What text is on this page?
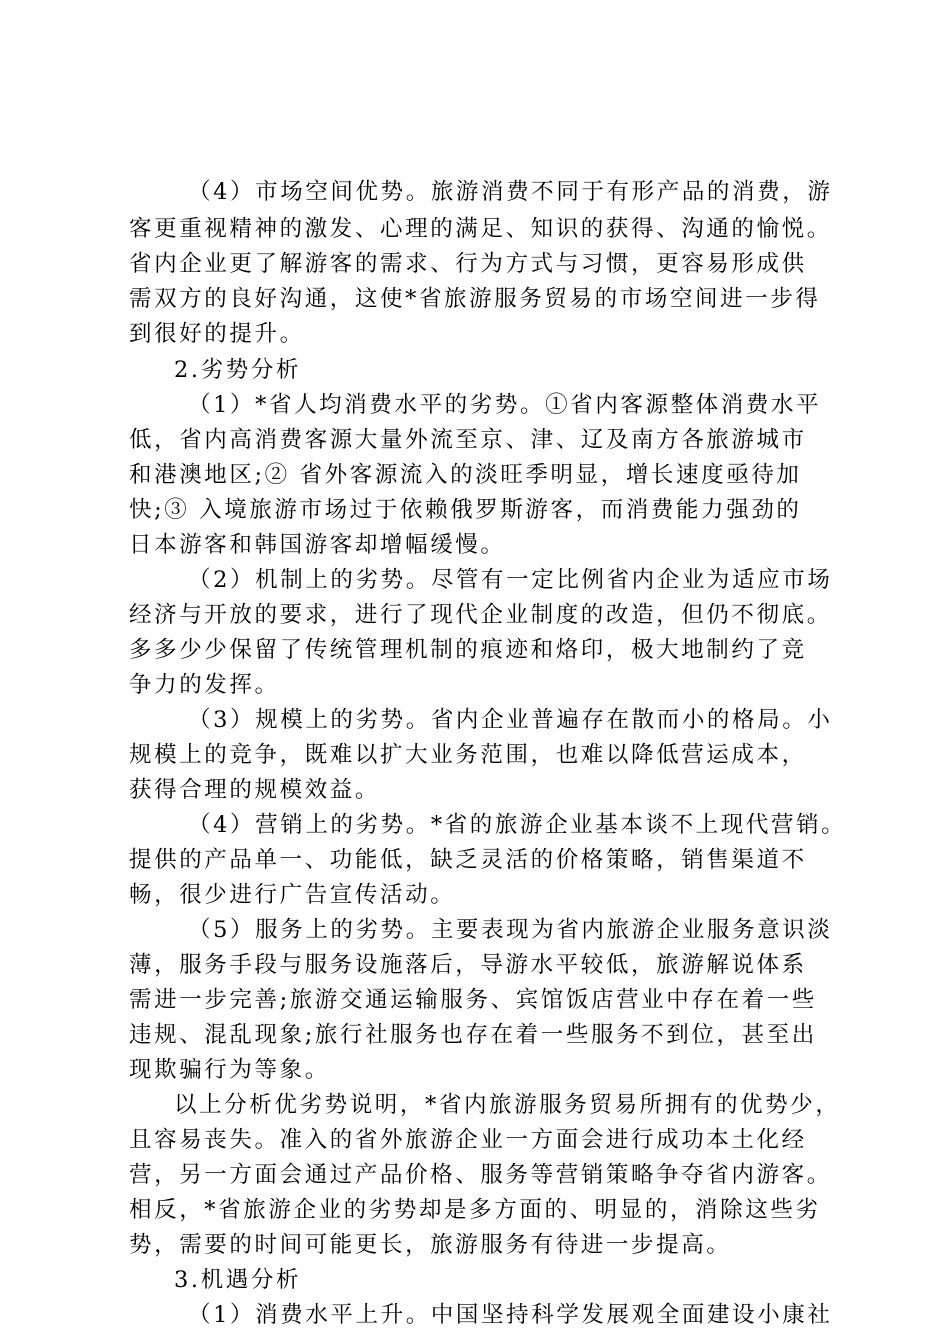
（4）市场空间优势。旅游消费不同于有形产品的消费，游
客更重视精神的激发、心理的满足、知识的获得、沟通的愉悦。
省内企业更了解游客的需求、行为方式与习惯，更容易形成供
需双方的良好沟通，这使*省旅游服务贸易的市场空间进一步得
到很好的提升。
2.劣势分析
（1）*省人均消费水平的劣势。①省内客源整体消费水平
低，省内高消费客源大量外流至京、津、辽及南方各旅游城市
和港澳地区;② 省外客源流入的淡旺季明显，增长速度亟待加
快;③ 入境旅游市场过于依赖俄罗斯游客，而消费能力强劲的
日本游客和韩国游客却增幅缓慢。
（2）机制上的劣势。尽管有一定比例省内企业为适应市场
经济与开放的要求，进行了现代企业制度的改造，但仍不彻底。
多多少少保留了传统管理机制的痕迹和烙印，极大地制约了竞
争力的发挥。
（3）规模上的劣势。省内企业普遍存在散而小的格局。小
规模上的竞争，既难以扩大业务范围，也难以降低营运成本，
获得合理的规模效益。
（4）营销上的劣势。*省的旅游企业基本谈不上现代营销。
提供的产品单一、功能低，缺乏灵活的价格策略，销售渠道不
畅，很少进行广告宣传活动。
（5）服务上的劣势。主要表现为省内旅游企业服务意识淡
薄，服务手段与服务设施落后，导游水平较低，旅游解说体系
需进一步完善;旅游交通运输服务、宾馆饭店营业中存在着一些
违规、混乱现象;旅行社服务也存在着一些服务不到位，甚至出
现欺骗行为等象。
以上分析优劣势说明，*省内旅游服务贸易所拥有的优势少，
且容易丧失。准入的省外旅游企业一方面会进行成功本土化经
营，另一方面会通过产品价格、服务等营销策略争夺省内游客。
相反，*省旅游企业的劣势却是多方面的、明显的，消除这些劣
势，需要的时间可能更长，旅游服务有待进一步提高。
3.机遇分析
（1）消费水平上升。中国坚持科学发展观全面建设小康社
